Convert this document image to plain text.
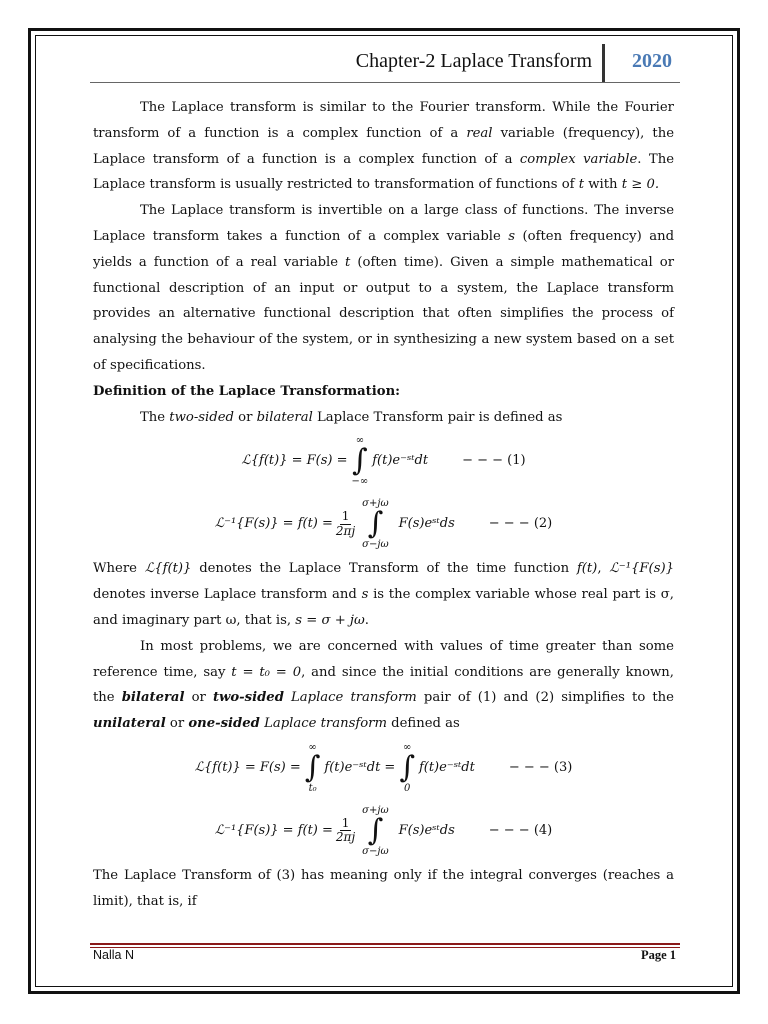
Chapter-2 Laplace Transform 2020

The Laplace transform is similar to the Fourier transform. While the Fourier transform of a function is a complex function of a real variable (frequency), the Laplace transform of a function is a complex function of a complex variable. The Laplace transform is usually restricted to transformation of functions of t with t ≥ 0.

The Laplace transform is invertible on a large class of functions. The inverse Laplace transform takes a function of a complex variable s (often frequency) and yields a function of a real variable t (often time). Given a simple mathematical or functional description of an input or output to a system, the Laplace transform provides an alternative functional description that often simplifies the process of analysing the behaviour of the system, or in synthesizing a new system based on a set of specifications.

Definition of the Laplace Transformation:

The two-sided or bilateral Laplace Transform pair is defined as

ℒ{f(t)} = F(s) =
∞
∫
−∞
f(t)e⁻ˢᵗdt	− − − (1)
ℒ⁻¹{F(s)} = $f(t) = \frac{1}{2\pi j}$
σ+jω
∫
σ−jω
F(s)eˢᵗds	− − − (2)

Where ℒ{f(t)} denotes the Laplace Transform of the time function f(t), ℒ⁻¹{F(s)} denotes inverse Laplace transform and s is the complex variable whose real part is σ, and imaginary part ω, that is, s = σ + jω.

In most problems, we are concerned with values of time greater than some reference time, say t = t₀ = 0, and since the initial conditions are generally known, the bilateral or two-sided Laplace transform pair of (1) and (2) simplifies to the unilateral or one-sided Laplace transform defined as

ℒ{f(t)} = F(s) =
∞
∫
t₀
f(t)e⁻ˢᵗdt =
∞
∫
0
f(t)e⁻ˢᵗdt	− − − (3)
ℒ⁻¹{F(s)} = $f(t) = \frac{1}{2\pi j}$
σ+jω
∫
σ−jω
F(s)eˢᵗds	− − − (4)

The Laplace Transform of (3) has meaning only if the integral converges (reaches a limit), that is, if

Nalla N	Page 1
